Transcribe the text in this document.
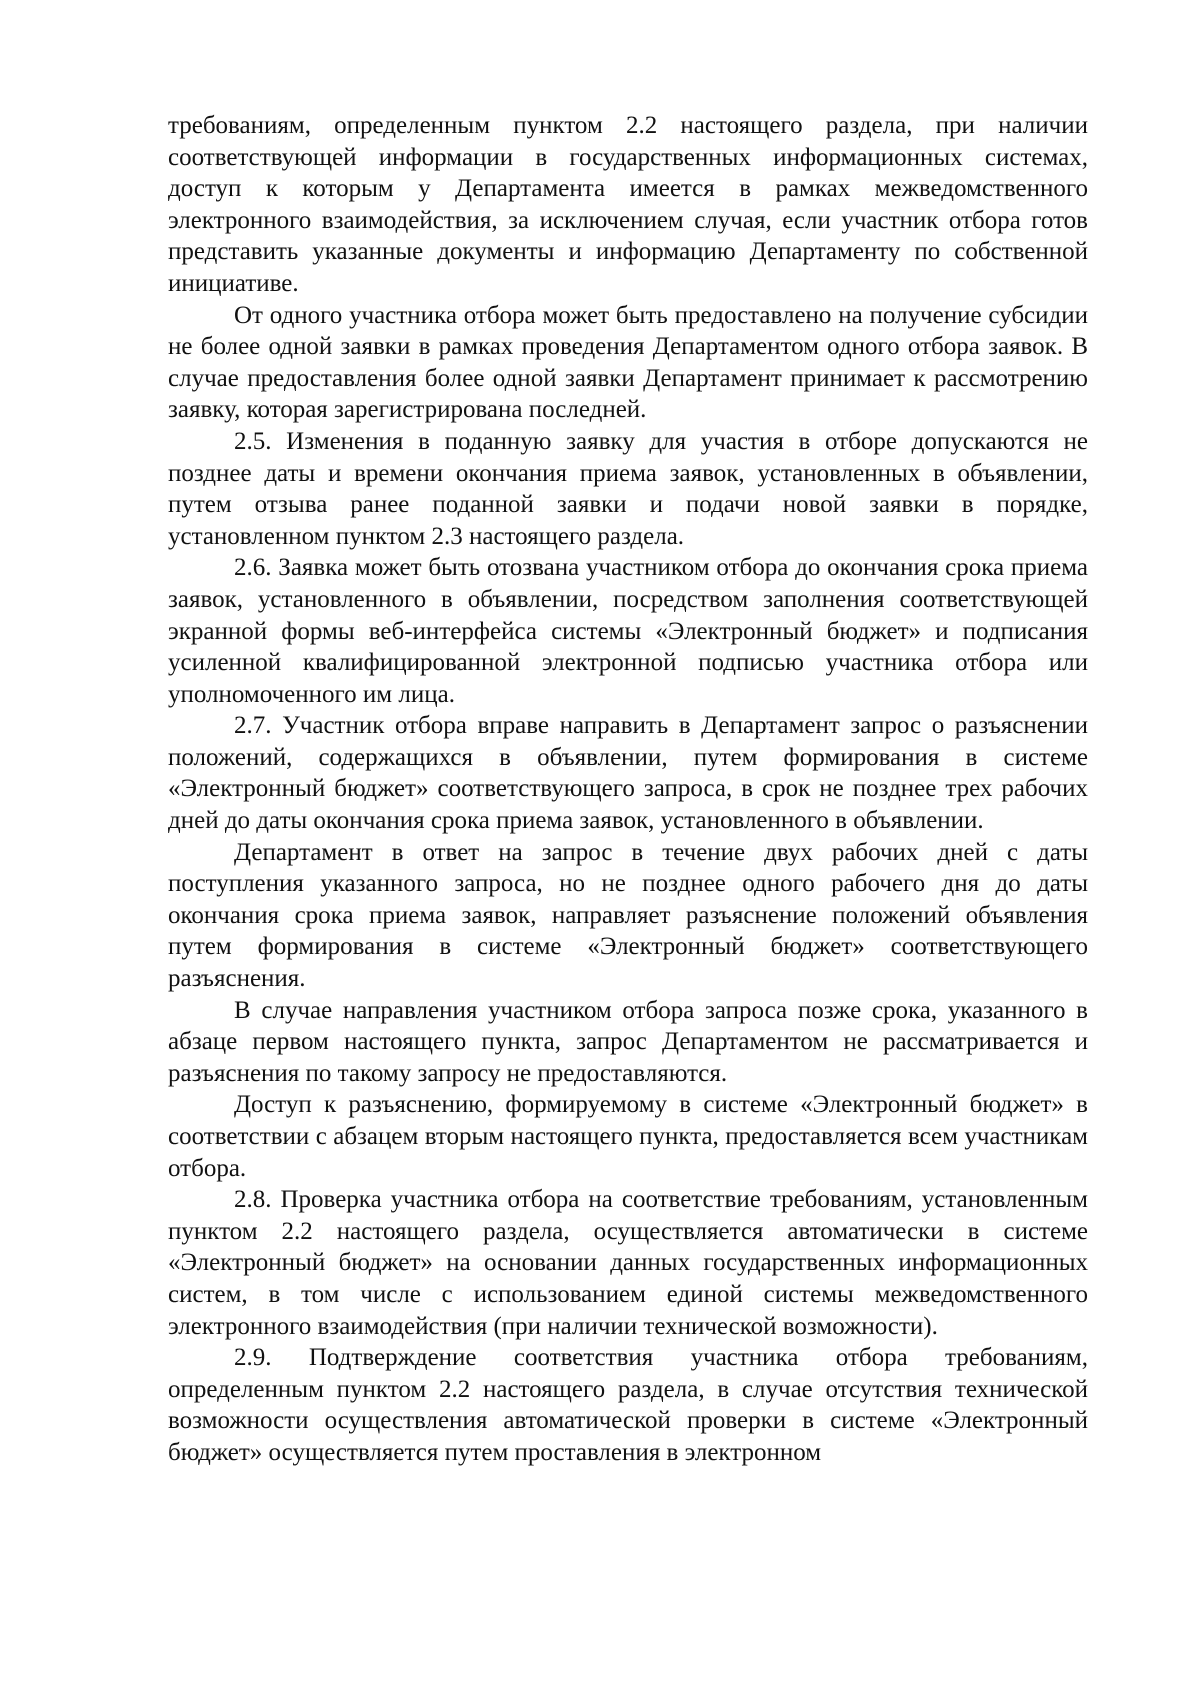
требованиям, определенным пунктом 2.2 настоящего раздела, при наличии соответствующей информации в государственных информационных системах, доступ к которым у Департамента имеется в рамках межведомственного электронного взаимодействия, за исключением случая, если участник отбора готов представить указанные документы и информацию Департаменту по собственной инициативе.

От одного участника отбора может быть предоставлено на получение субсидии не более одной заявки в рамках проведения Департаментом одного отбора заявок. В случае предоставления более одной заявки Департамент принимает к рассмотрению заявку, которая зарегистрирована последней.

2.5. Изменения в поданную заявку для участия в отборе допускаются не позднее даты и времени окончания приема заявок, установленных в объявлении, путем отзыва ранее поданной заявки и подачи новой заявки в порядке, установленном пунктом 2.3 настоящего раздела.

2.6. Заявка может быть отозвана участником отбора до окончания срока приема заявок, установленного в объявлении, посредством заполнения соответствующей экранной формы веб-интерфейса системы «Электронный бюджет» и подписания усиленной квалифицированной электронной подписью участника отбора или уполномоченного им лица.

2.7. Участник отбора вправе направить в Департамент запрос о разъяснении положений, содержащихся в объявлении, путем формирования в системе «Электронный бюджет» соответствующего запроса, в срок не позднее трех рабочих дней до даты окончания срока приема заявок, установленного в объявлении.

Департамент в ответ на запрос в течение двух рабочих дней с даты поступления указанного запроса, но не позднее одного рабочего дня до даты окончания срока приема заявок, направляет разъяснение положений объявления путем формирования в системе «Электронный бюджет» соответствующего разъяснения.

В случае направления участником отбора запроса позже срока, указанного в абзаце первом настоящего пункта, запрос Департаментом не рассматривается и разъяснения по такому запросу не предоставляются.

Доступ к разъяснению, формируемому в системе «Электронный бюджет» в соответствии с абзацем вторым настоящего пункта, предоставляется всем участникам отбора.

2.8. Проверка участника отбора на соответствие требованиям, установленным пунктом 2.2 настоящего раздела, осуществляется автоматически в системе «Электронный бюджет» на основании данных государственных информационных систем, в том числе с использованием единой системы межведомственного электронного взаимодействия (при наличии технической возможности).

2.9. Подтверждение соответствия участника отбора требованиям, определенным пунктом 2.2 настоящего раздела, в случае отсутствия технической возможности осуществления автоматической проверки в системе «Электронный бюджет» осуществляется путем проставления в электронном
